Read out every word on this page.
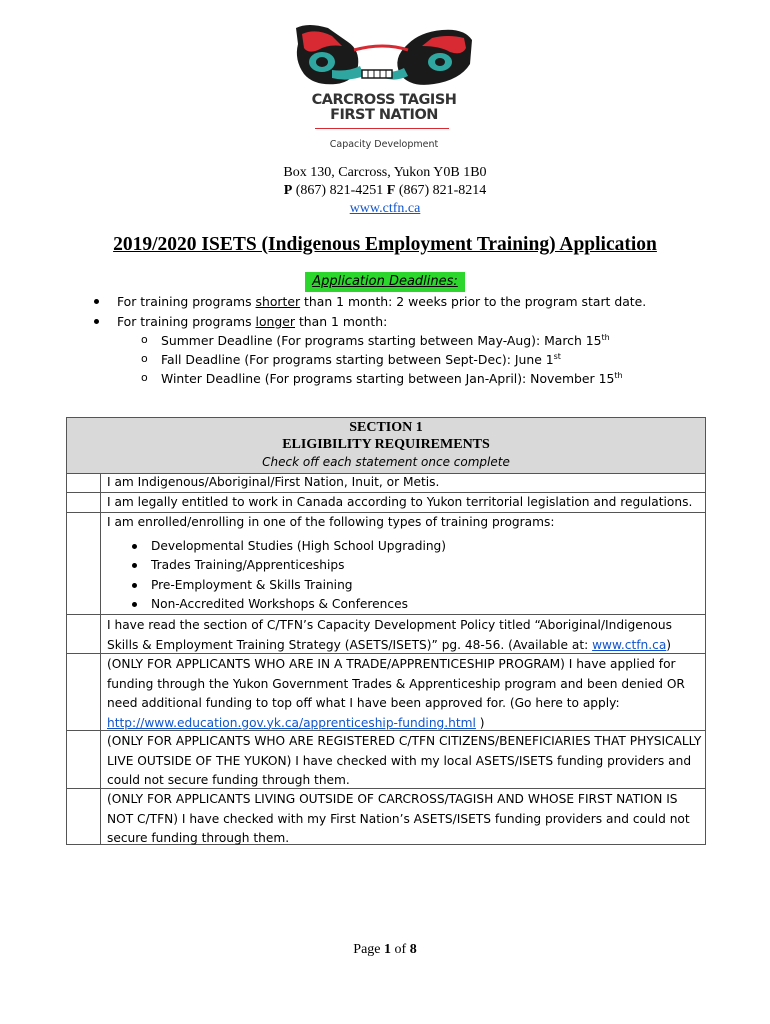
CARCROSS TAGISH
FIRST NATION
Capacity Development
Box 130, Carcross, Yukon Y0B 1B0
P (867) 821-4251 F (867) 821-8214
www.ctfn.ca
2019/2020 ISETS (Indigenous Employment Training) Application
Application Deadlines:
For training programs shorter than 1 month: 2 weeks prior to the program start date.
For training programs longer than 1 month:
o Summer Deadline (For programs starting between May-Aug): March 15th
o Fall Deadline (For programs starting between Sept-Dec): June 1st
o Winter Deadline (For programs starting between Jan-April): November 15th
SECTION 1
ELIGIBILITY REQUIREMENTS
Check off each statement once complete
I am Indigenous/Aboriginal/First Nation, Inuit, or Metis.
I am legally entitled to work in Canada according to Yukon territorial legislation and regulations.
I am enrolled/enrolling in one of the following types of training programs:
Developmental Studies (High School Upgrading)
Trades Training/Apprenticeships
Pre-Employment & Skills Training
Non-Accredited Workshops & Conferences
I have read the section of C/TFN’s Capacity Development Policy titled “Aboriginal/Indigenous Skills & Employment Training Strategy (ASETS/ISETS)” pg. 48-56. (Available at: www.ctfn.ca)
(ONLY FOR APPLICANTS WHO ARE IN A TRADE/APPRENTICESHIP PROGRAM) I have applied for funding through the Yukon Government Trades & Apprenticeship program and been denied OR need additional funding to top off what I have been approved for. (Go here to apply: http://www.education.gov.yk.ca/apprenticeship-funding.html )
(ONLY FOR APPLICANTS WHO ARE REGISTERED C/TFN CITIZENS/BENEFICIARIES THAT PHYSICALLY LIVE OUTSIDE OF THE YUKON) I have checked with my local ASETS/ISETS funding providers and could not secure funding through them.
(ONLY FOR APPLICANTS LIVING OUTSIDE OF CARCROSS/TAGISH AND WHOSE FIRST NATION IS NOT C/TFN) I have checked with my First Nation’s ASETS/ISETS funding providers and could not secure funding through them.
Page 1 of 8
